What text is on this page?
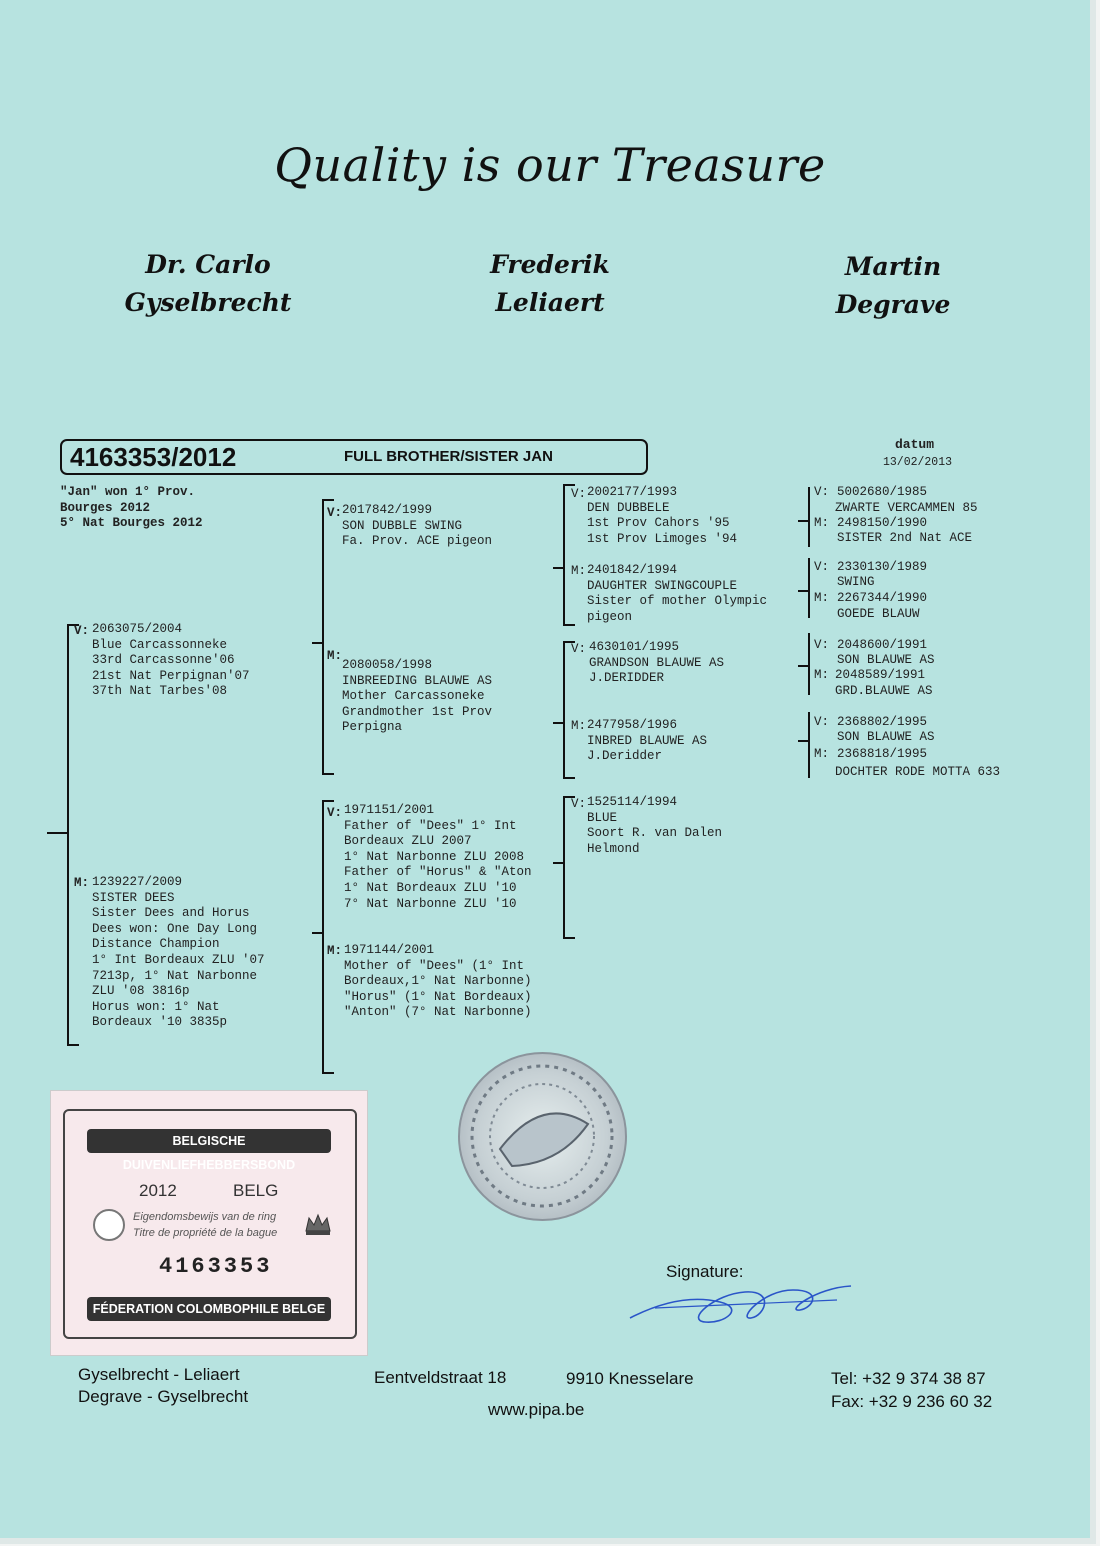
Quality is our Treasure
Dr. Carlo
Gyselbrecht
Frederik
Leliaert
Martin
Degrave
4163353/2012	FULL BROTHER/SISTER JAN
datum
13/02/2013
"Jan" won 1° Prov.
Bourges 2012
5° Nat Bourges 2012
V: 2063075/2004
Blue Carcassonneke
33rd Carcassonne'06
21st Nat Perpignan'07
37th Nat Tarbes'08
M: 1239227/2009
SISTER DEES
Sister Dees and Horus
Dees won: One Day Long
Distance Champion
1° Int Bordeaux ZLU '07
7213p, 1° Nat Narbonne
ZLU '08 3816p
Horus won: 1° Nat
Bordeaux '10 3835p
V: 2017842/1999
SON DUBBLE SWING
Fa. Prov. ACE pigeon
M:
2080058/1998
INBREEDING BLAUWE AS
Mother Carcassoneke
Grandmother 1st Prov
Perpigna
V: 1971151/2001
Father of "Dees" 1° Int
Bordeaux ZLU 2007
1° Nat Narbonne ZLU 2008
Father of "Horus" & "Aton
1° Nat Bordeaux ZLU '10
7° Nat Narbonne ZLU '10
M: 1971144/2001
Mother of "Dees" (1° Int
Bordeaux,1° Nat Narbonne)
"Horus" (1° Nat Bordeaux)
"Anton" (7° Nat Narbonne)
V: 2002177/1993
DEN DUBBELE
1st Prov Cahors '95
1st Prov Limoges '94
M: 2401842/1994
DAUGHTER SWINGCOUPLE
Sister of mother Olympic
pigeon
V: 4630101/1995
GRANDSON BLAUWE AS
J.DERIDDER
M: 2477958/1996
INBRED BLAUWE AS
J.Deridder
V: 1525114/1994
BLUE
Soort R. van Dalen
Helmond
V: 5002680/1985
ZWARTE VERCAMMEN 85
M: 2498150/1990
SISTER 2nd Nat ACE
V: 2330130/1989
SWING
M: 2267344/1990
GOEDE BLAUW
V: 2048600/1991
SON BLAUWE AS
M: 2048589/1991
GRD.BLAUWE AS
V: 2368802/1995
SON BLAUWE AS
M: 2368818/1995
DOCHTER RODE MOTTA 633
BELGISCHE DUIVENLIEFHEBBERSBOND
2012	BELG
Eigendomsbewijs van de ring
Titre de propriété de la bague
4163353
FÉDERATION COLOMBOPHILE BELGE
Signature:
Gyselbrecht - Leliaert
Degrave - Gyselbrecht
Eentveldstraat 18	9910 Knesselare
www.pipa.be
Tel: +32 9 374 38 87
Fax: +32 9 236 60 32
